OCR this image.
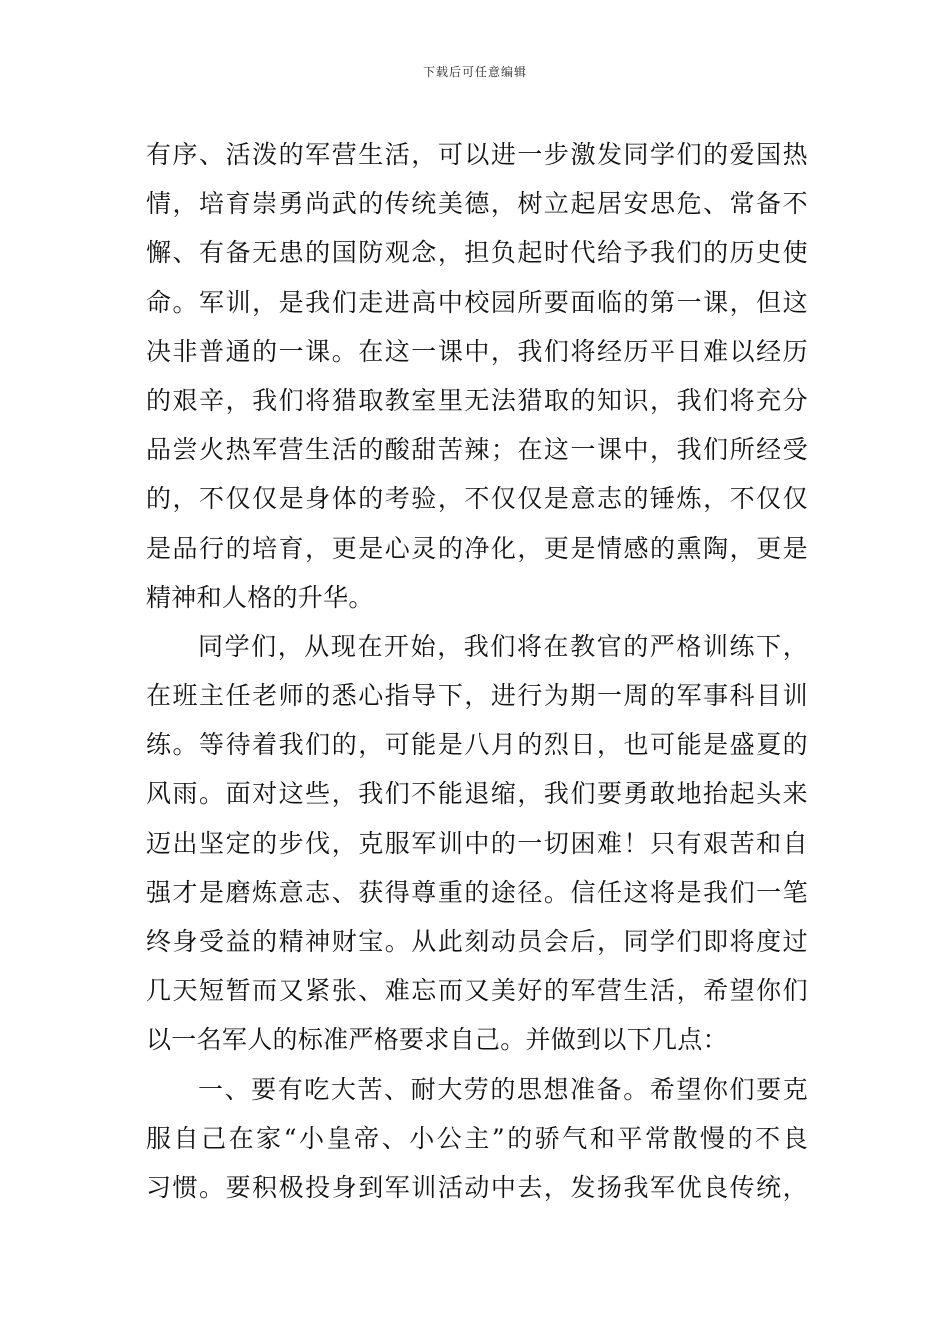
下载后可任意编辑
有序、活泼的军营生活，可以进一步激发同学们的爱国热
情，培育崇勇尚武的传统美德，树立起居安思危、常备不
懈、有备无患的国防观念，担负起时代给予我们的历史使
命。军训，是我们走进高中校园所要面临的第一课，但这
决非普通的一课。在这一课中，我们将经历平日难以经历
的艰辛，我们将猎取教室里无法猎取的知识，我们将充分
品尝火热军营生活的酸甜苦辣；在这一课中，我们所经受
的，不仅仅是身体的考验，不仅仅是意志的锤炼，不仅仅
是品行的培育，更是心灵的净化，更是情感的熏陶，更是
精神和人格的升华。
同学们，从现在开始，我们将在教官的严格训练下，
在班主任老师的悉心指导下，进行为期一周的军事科目训
练。等待着我们的，可能是八月的烈日，也可能是盛夏的
风雨。面对这些，我们不能退缩，我们要勇敢地抬起头来
迈出坚定的步伐，克服军训中的一切困难！只有艰苦和自
强才是磨炼意志、获得尊重的途径。信任这将是我们一笔
终身受益的精神财宝。从此刻动员会后，同学们即将度过
几天短暂而又紧张、难忘而又美好的军营生活，希望你们
以一名军人的标准严格要求自己。并做到以下几点：
一、要有吃大苦、耐大劳的思想准备。希望你们要克
服自己在家“小皇帝、小公主”的骄气和平常散慢的不良
习惯。要积极投身到军训活动中去，发扬我军优良传统，
